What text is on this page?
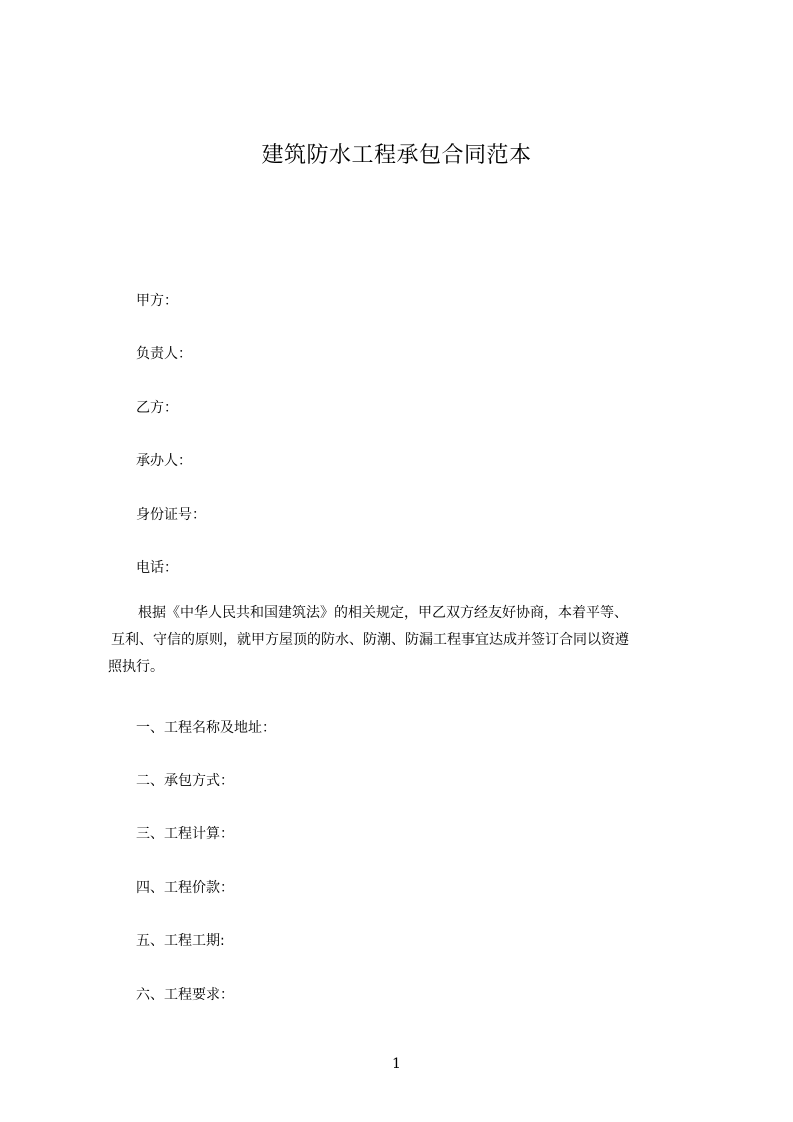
建筑防水工程承包合同范本
甲方：
负责人：
乙方：
承办人：
身份证号：
电话：

根据《中华人民共和国建筑法》的相关规定，甲乙双方经友好协商，本着平等、
互利、守信的原则，就甲方屋顶的防水、防潮、防漏工程事宜达成并签订合同以资遵
照执行。

一、工程名称及地址：
二、承包方式：
三、工程计算：
四、工程价款：
五、工程工期:
六、工程要求：
1
